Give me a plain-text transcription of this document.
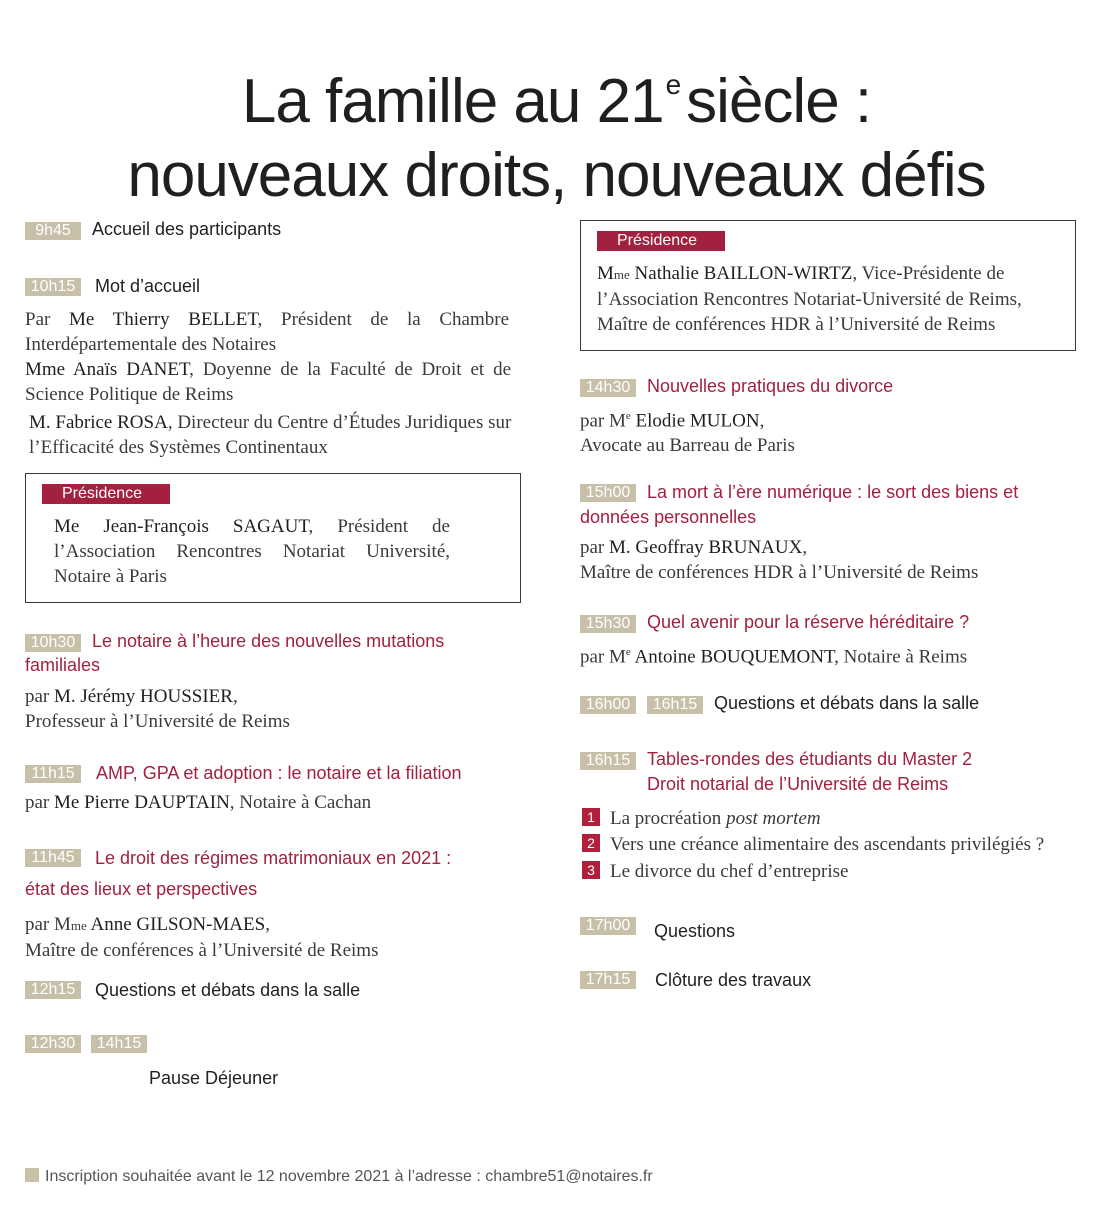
La famille au 21esiècle :
nouveaux droits, nouveaux défis
9h45	Accueil des participants
10h15	Mot d’accueil
Par Me Thierry BELLET, Président de la Chambre Interdépartementale des Notaires
Mme Anaïs DANET, Doyenne de la Faculté de Droit et de Science Politique de Reims
M. Fabrice ROSA, Directeur du Centre d’Études Juridiques sur l’Efficacité des Systèmes Continentaux
Présidence
Me Jean-François SAGAUT, Président de l’Association Rencontres Notariat Université, Notaire à Paris
10h30 Le notaire à l’heure des nouvelles mutations familiales
par M. Jérémy HOUSSIER,
Professeur à l’Université de Reims
11h15	AMP, GPA et adoption : le notaire et la filiation
par Me Pierre DAUPTAIN, Notaire à Cachan
11h45	Le droit des régimes matrimoniaux en 2021 :
état des lieux et perspectives
par Mme Anne GILSON-MAES,
Maître de conférences à l’Université de Reims
12h15	Questions et débats dans la salle
12h30	14h15
Pause Déjeuner
Présidence
Mme Nathalie BAILLON-WIRTZ, Vice-Présidente de
l’Association Rencontres Notariat-Université de Reims,
Maître de conférences HDR à l’Université de Reims
14h30 Nouvelles pratiques du divorce
par Me Elodie MULON,
Avocate au Barreau de Paris
15h00 La mort à l’ère numérique : le sort des biens et
données personnelles
par M. Geoffray BRUNAUX,
Maître de conférences HDR à l’Université de Reims
15h30 Quel avenir pour la réserve héréditaire ?
par Me Antoine BOUQUEMONT, Notaire à Reims
16h00	16h15 Questions et débats dans la salle
16h15 Tables-rondes des étudiants du Master 2
Droit notarial de l’Université de Reims
1 La procréation post mortem
2 Vers une créance alimentaire des ascendants privilégiés ?
3 Le divorce du chef d’entreprise
17h00	Questions
17h15	Clôture des travaux
Inscription souhaitée avant le 12 novembre 2021 à l’adresse : chambre51@notaires.fr
